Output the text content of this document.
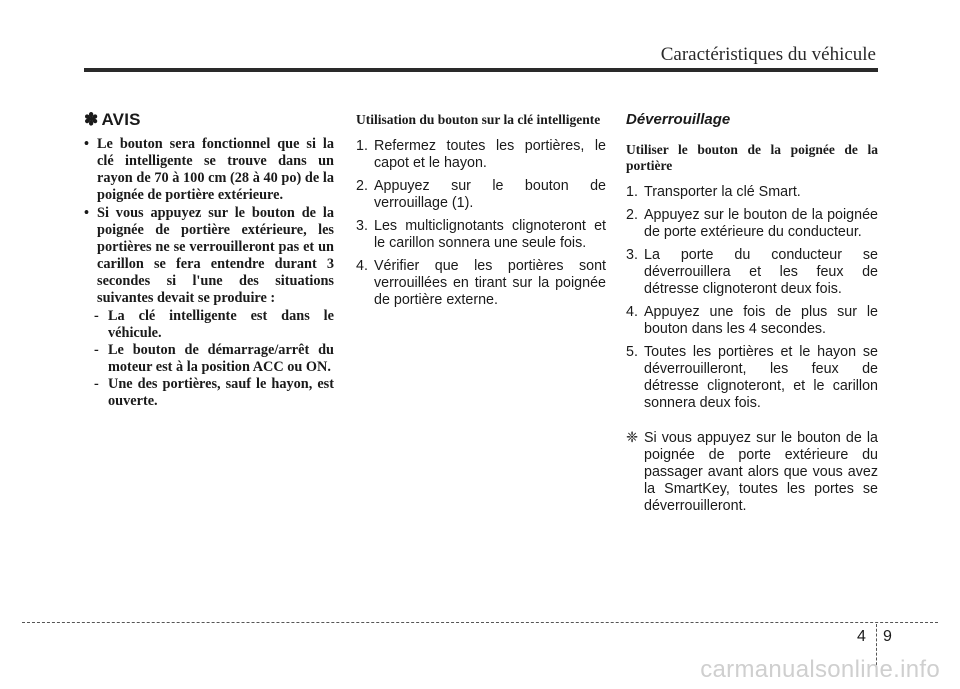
Caractéristiques du véhicule
✽ AVIS
• Le bouton sera fonctionnel que si la clé intelligente se trouve dans un rayon de 70 à 100 cm (28 à 40 po) de la poignée de portière extérieure.
• Si vous appuyez sur le bouton de la poignée de portière extérieure, les portières ne se verrouilleront pas et un carillon se fera entendre durant 3 secondes si l'une des situations suivantes devait se produire :
- La clé intelligente est dans le véhicule.
- Le bouton de démarrage/arrêt du moteur est à la position ACC ou ON.
- Une des portières, sauf le hayon, est ouverte.
Utilisation du bouton sur la clé intelligente
1. Refermez toutes les portières, le capot et le hayon.
2. Appuyez sur le bouton de verrouillage (1).
3. Les multiclignotants clignoteront et le carillon sonnera une seule fois.
4. Vérifier que les portières sont verrouillées en tirant sur la poignée de portière externe.
Déverrouillage
Utiliser le bouton de la poignée de la portière
1. Transporter la clé Smart.
2. Appuyez sur le bouton de la poignée de porte extérieure du conducteur.
3. La porte du conducteur se déverrouillera et les feux de détresse clignoteront deux fois.
4. Appuyez une fois de plus sur le bouton dans les 4 secondes.
5. Toutes les portières et le hayon se déverrouilleront, les feux de détresse clignoteront, et le carillon sonnera deux fois.
❈ Si vous appuyez sur le bouton de la poignée de porte extérieure du passager avant alors que vous avez la SmartKey, toutes les portes se déverrouilleront.
4 9
carmanualsonline.info
